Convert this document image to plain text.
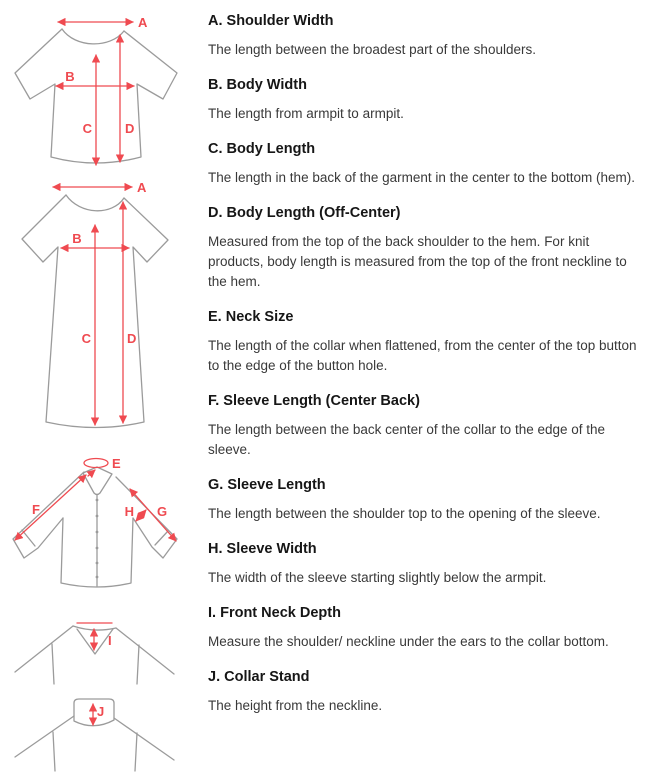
A
B
C	D
A
B
C	D
E
F	G
H
I
J
A. Shoulder Width

The length between the broadest part of the shoulders.

B. Body Width

The length from armpit to armpit.

C. Body Length

The length in the back of the garment in the center to the bottom (hem).

D. Body Length (Off-Center)

Measured from the top of the back shoulder to the hem. For knit products, body length is measured from the top of the front neckline to the hem.

E. Neck Size

The length of the collar when flattened, from the center of the top button to the edge of the button hole.

F. Sleeve Length (Center Back)

The length between the back center of the collar to the edge of the sleeve.

G. Sleeve Length

The length between the shoulder top to the opening of the sleeve.

H. Sleeve Width

The width of the sleeve starting slightly below the armpit.

I. Front Neck Depth

Measure the shoulder/ neckline under the ears to the collar bottom.

J. Collar Stand

The height from the neckline.
